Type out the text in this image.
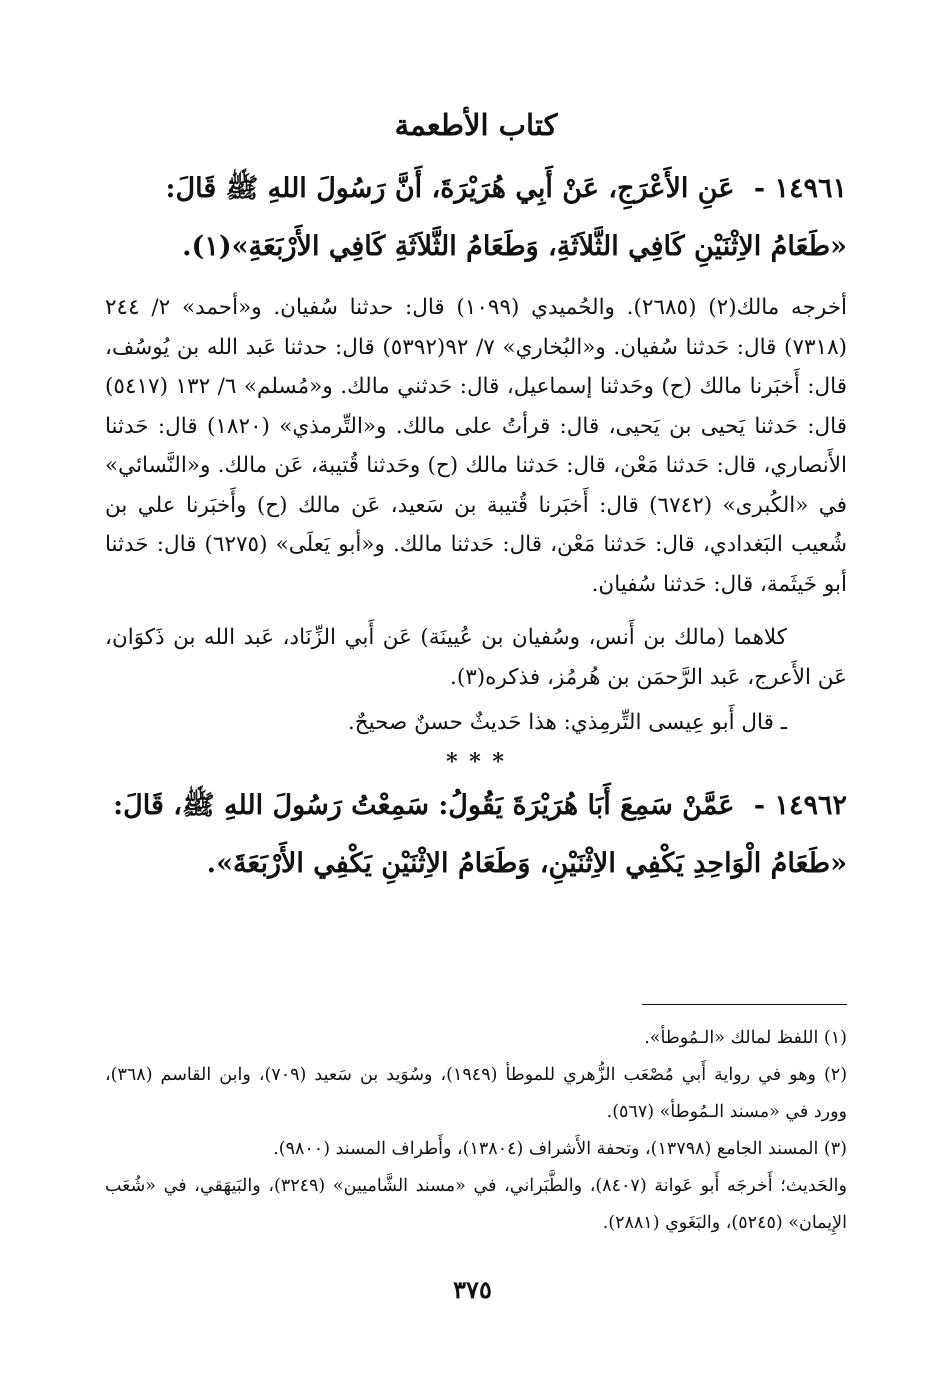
كتاب الأطعمة
١٤٩٦١ - عَنِ الأَعْرَجِ، عَنْ أَبِي هُرَيْرَةَ، أَنَّ رَسُولَ اللهِ ﷺ قَالَ:
«طَعَامُ الاِثْنَيْنِ كَافِي الثَّلاَثَةِ، وَطَعَامُ الثَّلاَثَةِ كَافِي الأَرْبَعَةِ»(١).
أخرجه مالك(٢) (٢٦٨٥). والحُميدي (١٠٩٩) قال: حدثنا سُفيان. و«أحمد» ٢/ ٢٤٤ (٧٣١٨) قال: حَدثنا سُفيان. و«البُخاري» ٧/ ٩٢(٥٣٩٢) قال: حدثنا عَبد الله بن يُوسُف، قال: أَخبَرنا مالك (ح) وحَدثنا إسماعيل، قال: حَدثني مالك. و«مُسلم» ٦/ ١٣٢ (٥٤١٧) قال: حَدثنا يَحيى بن يَحيى، قال: قرأتُ على مالك. و«التِّرمذي» (١٨٢٠) قال: حَدثنا الأَنصاري، قال: حَدثنا مَعْن، قال: حَدثنا مالك (ح) وحَدثنا قُتيبة، عَن مالك. و«النَّسائي» في «الكُبرى» (٦٧٤٢) قال: أَخبَرنا قُتيبة بن سَعيد، عَن مالك (ح) وأَخبَرنا علي بن شُعيب البَغدادي، قال: حَدثنا مَعْن، قال: حَدثنا مالك. و«أبو يَعلَى» (٦٢٧٥) قال: حَدثنا أبو خَيثَمة، قال: حَدثنا سُفيان.
كلاهما (مالك بن أَنس، وسُفيان بن عُيينَة) عَن أَبي الزِّنَاد، عَبد الله بن ذَكوَان، عَن الأَعرج، عَبد الرَّحمَن بن هُرمُز، فذكره(٣).
ـ قال أَبو عِيسى التِّرمِذي: هذا حَديثٌ حسنٌ صحيحٌ.
* * *
١٤٩٦٢ - عَمَّنْ سَمِعَ أَبَا هُرَيْرَةَ يَقُولُ: سَمِعْتُ رَسُولَ اللهِ ﷺ، قَالَ:
«طَعَامُ الْوَاحِدِ يَكْفِي الاِثْنَيْنِ، وَطَعَامُ الاِثْنَيْنِ يَكْفِي الأَرْبَعَةَ».

(١) اللفظ لمالك «الـمُوطأ».

(٢) وهو في رواية أَبي مُصْعَب الزُّهري للموطأ (١٩٤٩)، وسُوَيد بن سَعيد (٧٠٩)، وابن القاسم (٣٦٨)، وورد في «مسند الـمُوطأ» (٥٦٧).

(٣) المسند الجامع (١٣٧٩٨)، وتحفة الأَشراف (١٣٨٠٤)، وأَطراف المسند (٩٨٠٠).

والحَديث؛ أَخرجَه أَبو عَوانة (٨٤٠٧)، والطَّبَراني، في «مسند الشَّاميين» (٣٢٤٩)، والبَيهَقي، في «شُعَب الإِيمان» (٥٢٤٥)، والبَغَوي (٢٨٨١).

٣٧٥
